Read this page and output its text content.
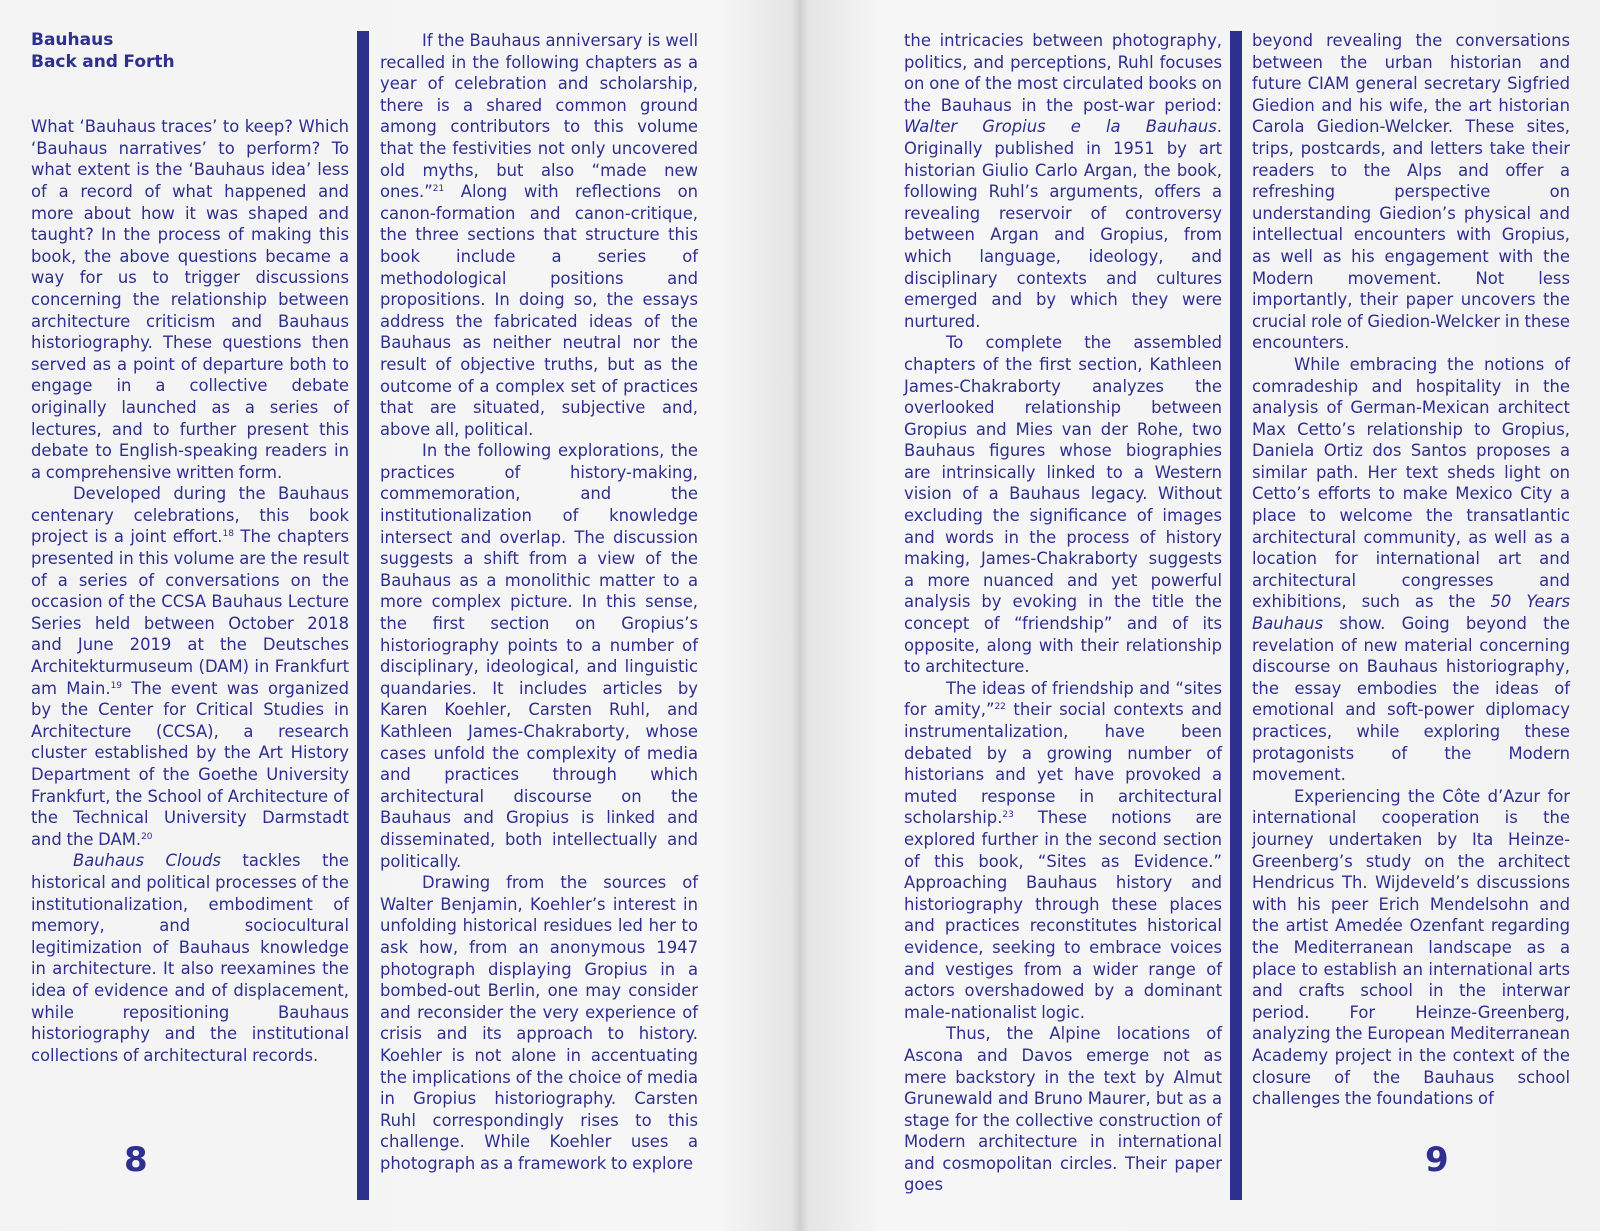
Bauhaus
Back and Forth

What ‘Bauhaus traces’ to keep? Which ‘Bauhaus narratives’ to perform? To what extent is the ‘Bauhaus idea’ less of a record of what happened and more about how it was shaped and taught? In the process of making this book, the above questions became a way for us to trigger discussions concerning the relationship between architecture criticism and Bauhaus historiography. These questions then served as a point of departure both to engage in a collective debate originally launched as a series of lectures, and to further present this debate to English-speaking readers in a comprehensive written form.

Developed during the Bauhaus centenary celebrations, this book project is a joint effort.$^{18}$ The chapters presented in this volume are the result of a series of conversations on the occasion of the CCSA Bauhaus Lecture Series held between October 2018 and June 2019 at the Deutsches Architekturmuseum (DAM) in Frankfurt am Main.$^{19}$ The event was organized by the Center for Critical Studies in Architecture (CCSA), a research cluster established by the Art History Department of the Goethe University Frankfurt, the School of Architecture of the Technical University Darmstadt and the DAM.$^{20}$

Bauhaus Clouds tackles the historical and political processes of the institutionalization, embodiment of memory, and sociocultural legitimization of Bauhaus knowledge in architecture. It also reexamines the idea of evidence and of displacement, while repositioning Bauhaus historiography and the institutional collections of architectural records.

If the Bauhaus anniversary is well recalled in the following chapters as a year of celebration and scholarship, there is a shared common ground among contributors to this volume that the festivities not only uncovered old myths, but also “made new ones.”$^{21}$ Along with reflections on canon-formation and canon-critique, the three sections that structure this book include a series of methodological positions and propositions. In doing so, the essays address the fabricated ideas of the Bauhaus as neither neutral nor the result of objective truths, but as the outcome of a complex set of practices that are situated, subjective and, above all, political.

In the following explorations, the practices of history-making, commemoration, and the institutionalization of knowledge intersect and overlap. The discussion suggests a shift from a view of the Bauhaus as a monolithic matter to a more complex picture. In this sense, the first section on Gropius’s historiography points to a number of disciplinary, ideological, and linguistic quandaries. It includes articles by Karen Koehler, Carsten Ruhl, and Kathleen James-Chakraborty, whose cases unfold the complexity of media and practices through which architectural discourse on the Bauhaus and Gropius is linked and disseminated, both intellectually and politically.

Drawing from the sources of Walter Benjamin, Koehler’s interest in unfolding historical residues led her to ask how, from an anonymous 1947 photograph displaying Gropius in a bombed-out Berlin, one may consider and reconsider the very experience of crisis and its approach to history. Koehler is not alone in accentuating the implications of the choice of media in Gropius historiography. Carsten Ruhl correspondingly rises to this challenge. While Koehler uses a photograph as a framework to explore

8

the intricacies between photography, politics, and perceptions, Ruhl focuses on one of the most circulated books on the Bauhaus in the post-war period: Walter Gropius e la Bauhaus. Originally published in 1951 by art historian Giulio Carlo Argan, the book, following Ruhl’s arguments, offers a revealing reservoir of controversy between Argan and Gropius, from which language, ideology, and disciplinary contexts and cultures emerged and by which they were nurtured.

To complete the assembled chapters of the first section, Kathleen James-Chakraborty analyzes the overlooked relationship between Gropius and Mies van der Rohe, two Bauhaus figures whose biographies are intrinsically linked to a Western vision of a Bauhaus legacy. Without excluding the significance of images and words in the process of history making, James-Chakraborty suggests a more nuanced and yet powerful analysis by evoking in the title the concept of “friendship” and of its opposite, along with their relationship to architecture.

The ideas of friendship and “sites for amity,”$^{22}$ their social contexts and instrumentalization, have been debated by a growing number of historians and yet have provoked a muted response in architectural scholarship.$^{23}$ These notions are explored further in the second section of this book, “Sites as Evidence.” Approaching Bauhaus history and historiography through these places and practices reconstitutes historical evidence, seeking to embrace voices and vestiges from a wider range of actors overshadowed by a dominant male-nationalist logic.

Thus, the Alpine locations of Ascona and Davos emerge not as mere backstory in the text by Almut Grunewald and Bruno Maurer, but as a stage for the collective construction of Modern architecture in international and cosmopolitan circles. Their paper goes

beyond revealing the conversations between the urban historian and future CIAM general secretary Sigfried Giedion and his wife, the art historian Carola Giedion-Welcker. These sites, trips, postcards, and letters take their readers to the Alps and offer a refreshing perspective on understanding Giedion’s physical and intellectual encounters with Gropius, as well as his engagement with the Modern movement. Not less importantly, their paper uncovers the crucial role of Giedion-Welcker in these encounters.

While embracing the notions of comradeship and hospitality in the analysis of German-Mexican architect Max Cetto’s relationship to Gropius, Daniela Ortiz dos Santos proposes a similar path. Her text sheds light on Cetto’s efforts to make Mexico City a place to welcome the transatlantic architectural community, as well as a location for international art and architectural congresses and exhibitions, such as the 50 Years Bauhaus show. Going beyond the revelation of new material concerning discourse on Bauhaus historiography, the essay embodies the ideas of emotional and soft-power diplomacy practices, while exploring these protagonists of the Modern movement.

Experiencing the Côte d’Azur for international cooperation is the journey undertaken by Ita Heinze-Greenberg’s study on the architect Hendricus Th. Wijdeveld’s discussions with his peer Erich Mendelsohn and the artist Amedée Ozenfant regarding the Mediterranean landscape as a place to establish an international arts and crafts school in the interwar period. For Heinze-Greenberg, analyzing the European Mediterranean Academy project in the context of the closure of the Bauhaus school challenges the foundations of

9
